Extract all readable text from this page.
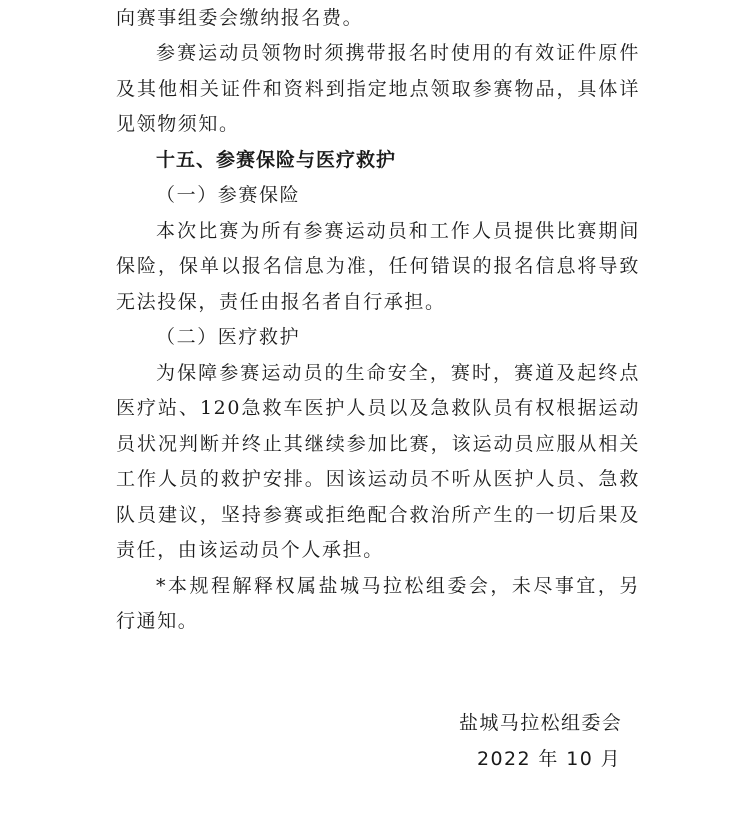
向赛事组委会缴纳报名费。

参赛运动员领物时须携带报名时使用的有效证件原件及其他相关证件和资料到指定地点领取参赛物品，具体详见领物须知。

十五、参赛保险与医疗救护

（一）参赛保险

本次比赛为所有参赛运动员和工作人员提供比赛期间保险，保单以报名信息为准，任何错误的报名信息将导致无法投保，责任由报名者自行承担。

（二）医疗救护

为保障参赛运动员的生命安全，赛时，赛道及起终点医疗站、120急救车医护人员以及急救队员有权根据运动员状况判断并终止其继续参加比赛，该运动员应服从相关工作人员的救护安排。因该运动员不听从医护人员、急救队员建议，坚持参赛或拒绝配合救治所产生的一切后果及责任，由该运动员个人承担。

*本规程解释权属盐城马拉松组委会，未尽事宜，另行通知。

盐城马拉松组委会
2022 年 10 月
